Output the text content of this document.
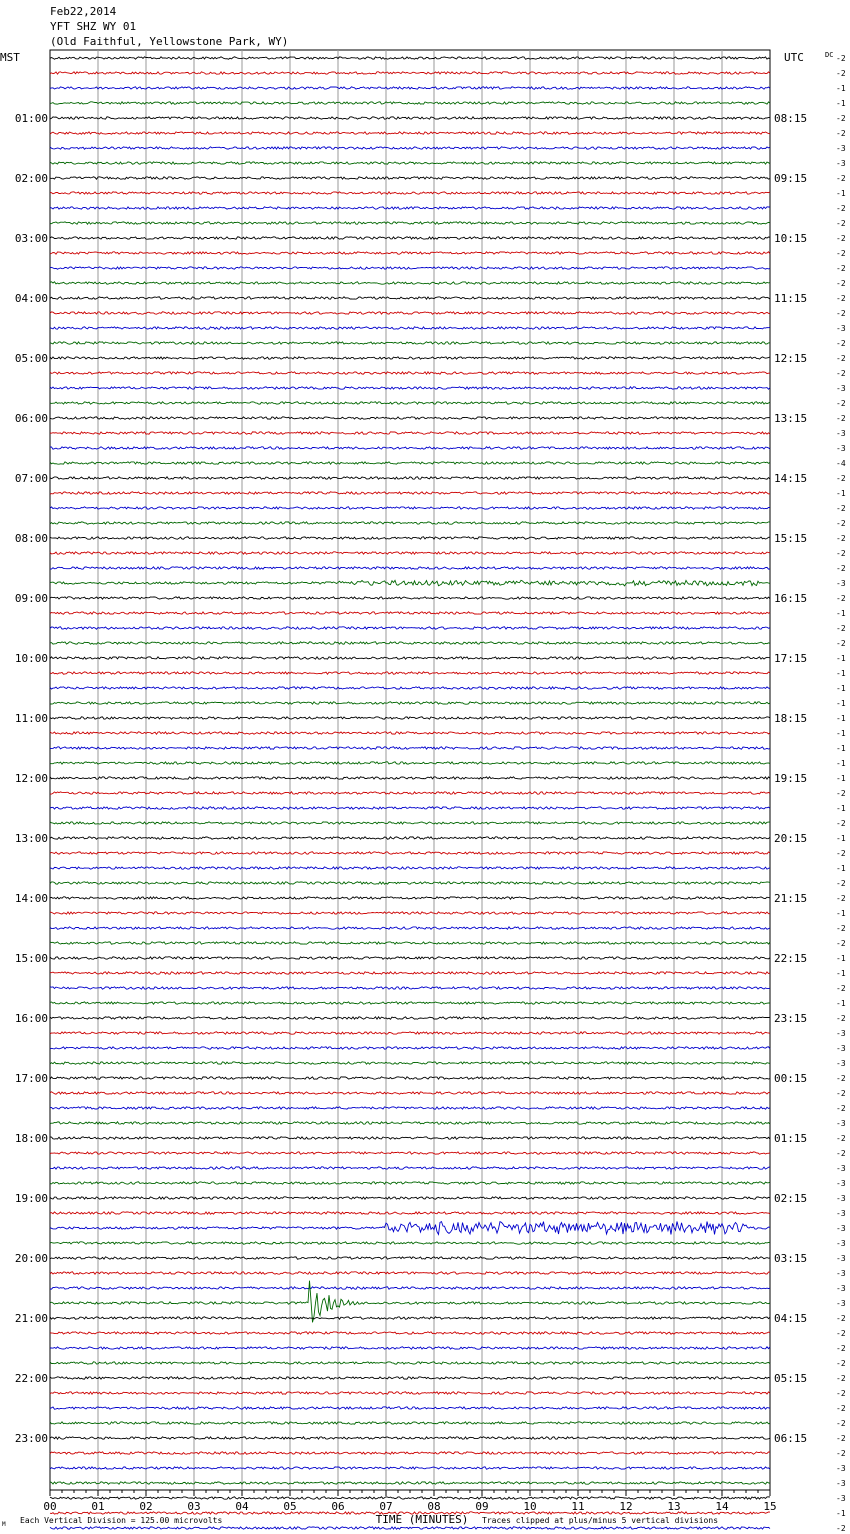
Feb22,2014
YFT SHZ WY 01
(Old Faithful, Yellowstone Park, WY)
-2
-2
-1
-1
-2
-2
-3
-3
-2
-1
-2
-2
-2
-2
-2
-2
-2
-2
-3
-2
-2
-2
-3
-2
-2
-3
-3
-4
-2
-1
-2
-2
-2
-2
-2
-3
-2
-1
-2
-2
-1
-1
-1
-1
-1
-1
-1
-1
-1
-2
-1
-2
-1
-2
-1
-2
-2
-1
-2
-2
-1
-1
-2
-1
-2
-3
-3
-3
-2
-2
-2
-3
-2
-2
-3
-3
-3
-3
-3
-3
-3
-3
-3
-3
-2
-2
-2
-2
-2
-2
-2
-2
-2
-2
-3
-3
-3
-1
-2
MST	UTC	DC
01:00
02:00
03:00
04:00
05:00
06:00
07:00
08:00
09:00
10:00
11:00
12:00
13:00
14:00
15:00
16:00
17:00
18:00
19:00
20:00
21:00
22:00
23:00
08:15
09:15
10:15
11:15
12:15
13:15
14:15
15:15
16:15
17:15
18:15
19:15
20:15
21:15
22:15
23:15
00:15
01:15
02:15
03:15
04:15
05:15
06:15
00	01	02	03	04	05	06	07	08	09	10	11	12	13	14	15
TIME (MINUTES)
Each Vertical Division = 125.00 microvolts	Traces clipped at plus/minus 5 vertical divisions
M
